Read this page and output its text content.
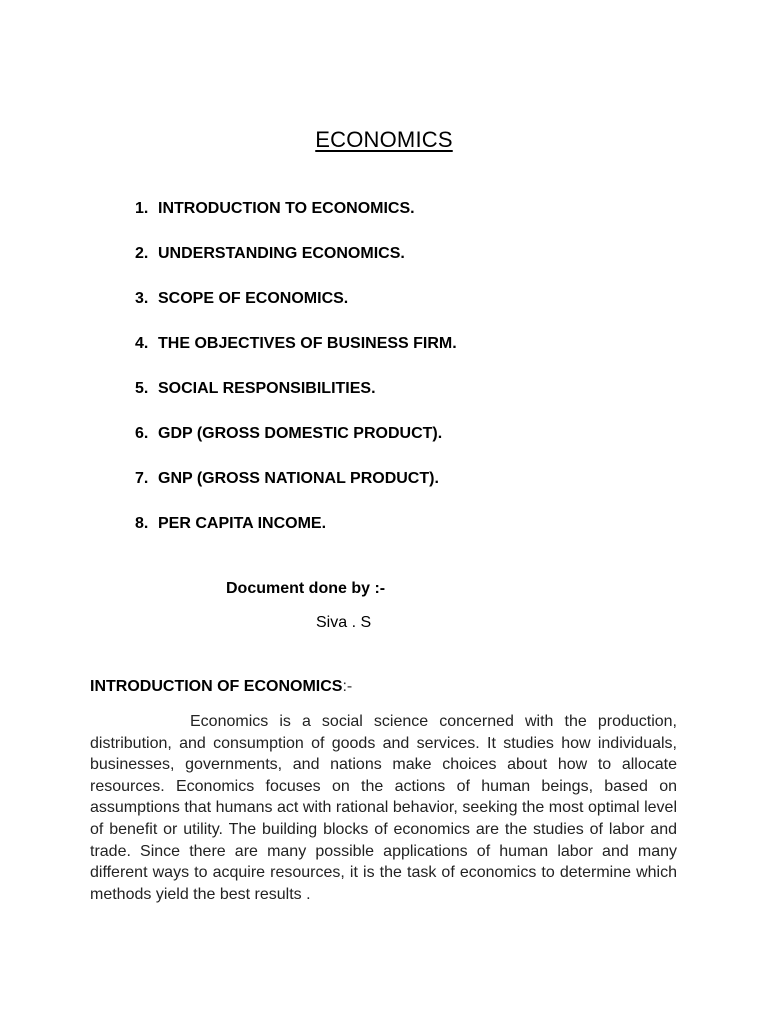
ECONOMICS
1. INTRODUCTION TO ECONOMICS.
2. UNDERSTANDING ECONOMICS.
3. SCOPE OF ECONOMICS.
4. THE OBJECTIVES OF BUSINESS FIRM.
5. SOCIAL RESPONSIBILITIES.
6. GDP (GROSS DOMESTIC PRODUCT).
7. GNP (GROSS NATIONAL PRODUCT).
8. PER CAPITA INCOME.
Document done by :-
Siva . S
INTRODUCTION OF ECONOMICS:-

Economics is a social science concerned with the production, distribution, and consumption of goods and services. It studies how individuals, businesses, governments, and nations make choices about how to allocate resources. Economics focuses on the actions of human beings, based on assumptions that humans act with rational behavior, seeking the most optimal level of benefit or utility. The building blocks of economics are the studies of labor and trade. Since there are many possible applications of human labor and many different ways to acquire resources, it is the task of economics to determine which methods yield the best results .
